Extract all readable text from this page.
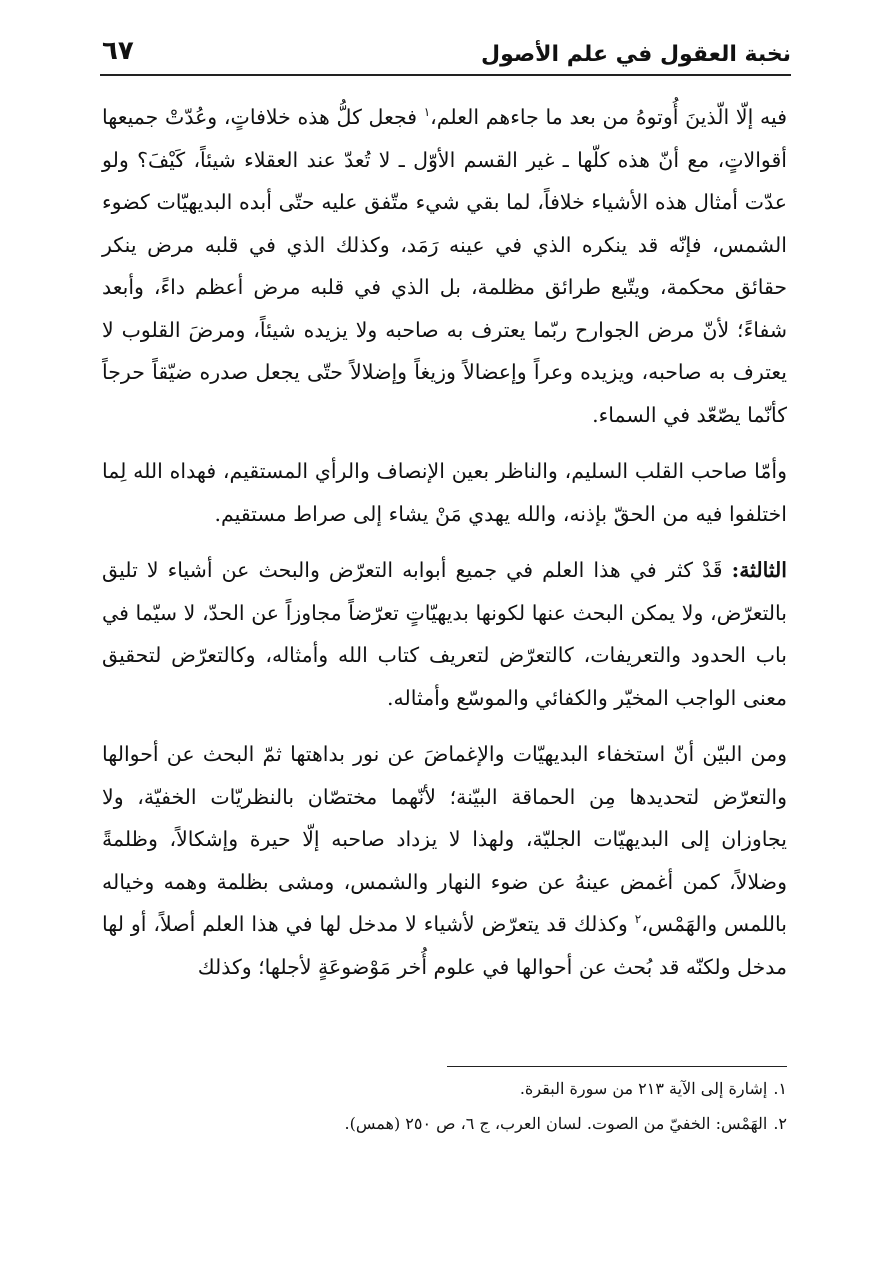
نخبة العقول في علم الأصول
٦٧

فيه إلّا الّذينَ أُوتوهُ من بعد ما جاءهم العلم،$^١$ فجعل كلُّ هذه خلافاتٍ، وعُدّتْ جميعها أقوالاتٍ، مع أنّ هذه كلّها ـ غير القسم الأوّل ـ لا تُعدّ عند العقلاء شيئاً، كَيْفَ؟ ولو عدّت أمثال هذه الأشياء خلافاً، لما بقي شيء متّفق عليه حتّى أبده البديهيّات كضوء الشمس، فإنّه قد ينكره الذي في عينه رَمَد، وكذلك الذي في قلبه مرض ينكر حقائق محكمة، ويتّبع طرائق مظلمة، بل الذي في قلبه مرض أعظم داءً، وأبعد شفاءً؛ لأنّ مرض الجوارح ربّما يعترف به صاحبه ولا يزيده شيئاً، ومرضَ القلوب لا يعترف به صاحبه، ويزيده وعراً وإعضالاً وزيغاً وإضلالاً حتّى يجعل صدره ضيّقاً حرجاً كأنّما يصّعّد في السماء.

وأمّا صاحب القلب السليم، والناظر بعين الإنصاف والرأي المستقيم، فهداه الله لِما اختلفوا فيه من الحقّ بإذنه، والله يهدي مَنْ يشاء إلى صراط مستقيم.

الثالثة: قَدْ كثر في هذا العلم في جميع أبوابه التعرّض والبحث عن أشياء لا تليق بالتعرّض، ولا يمكن البحث عنها لكونها بديهيّاتٍ تعرّضاً مجاوزاً عن الحدّ، لا سيّما في باب الحدود والتعريفات، كالتعرّض لتعريف كتاب الله وأمثاله، وكالتعرّض لتحقيق معنى الواجب المخيّر والكفائي والموسّع وأمثاله.

ومن البيّن أنّ استخفاء البديهيّات والإغماضَ عن نور بداهتها ثمّ البحث عن أحوالها والتعرّض لتحديدها مِن الحماقة البيّنة؛ لأنّهما مختصّان بالنظريّات الخفيّة، ولا يجاوزان إلى البديهيّات الجليّة، ولهذا لا يزداد صاحبه إلّا حيرة وإشكالاً، وظلمةً وضلالاً، كمن أغمض عينهُ عن ضوء النهار والشمس، ومشى بظلمة وهمه وخياله باللمس والهَمْس،$^٢$ وكذلك قد يتعرّض لأشياء لا مدخل لها في هذا العلم أصلاً، أو لها مدخل ولكنّه قد بُحث عن أحوالها في علوم أُخر مَوْضوعَةٍ لأجلها؛ وكذلك

١.إشارة إلى الآية ٢١٣ من سورة البقرة.
٢.الهَمْس: الخفيّ من الصوت. لسان العرب، ج ٦، ص ٢٥٠ (همس).
